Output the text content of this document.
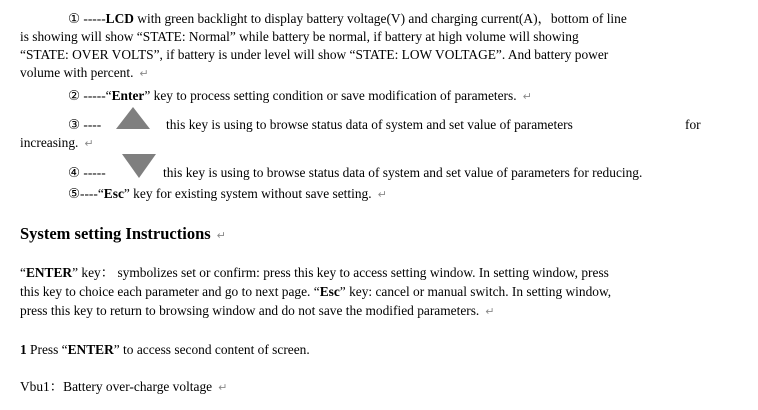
① -----LCD with green backlight to display battery voltage(V) and charging current(A)，bottom of line
is showing will show “STATE: Normal” while battery be normal, if battery at high volume will showing
“STATE: OVER VOLTS”, if battery is under level will show “STATE: LOW VOLTAGE”. And battery power
volume with percent. ↵
② -----“Enter” key to process setting condition or save modification of parameters. ↵
③ ----	this key is using to browse status data of system and set value of parameters	for
increasing. ↵
④ -----	this key is using to browse status data of system and set value of parameters for reducing.
⑤----“Esc” key for existing system without save setting. ↵
System setting Instructions ↵
“ENTER” key： symbolizes set or confirm: press this key to access setting window. In setting window, press
this key to choice each parameter and go to next page. “Esc” key: cancel or manual switch. In setting window,
press this key to return to browsing window and do not save the modified parameters. ↵
1 Press “ENTER” to access second content of screen.
Vbu1：Battery over-charge voltage ↵
